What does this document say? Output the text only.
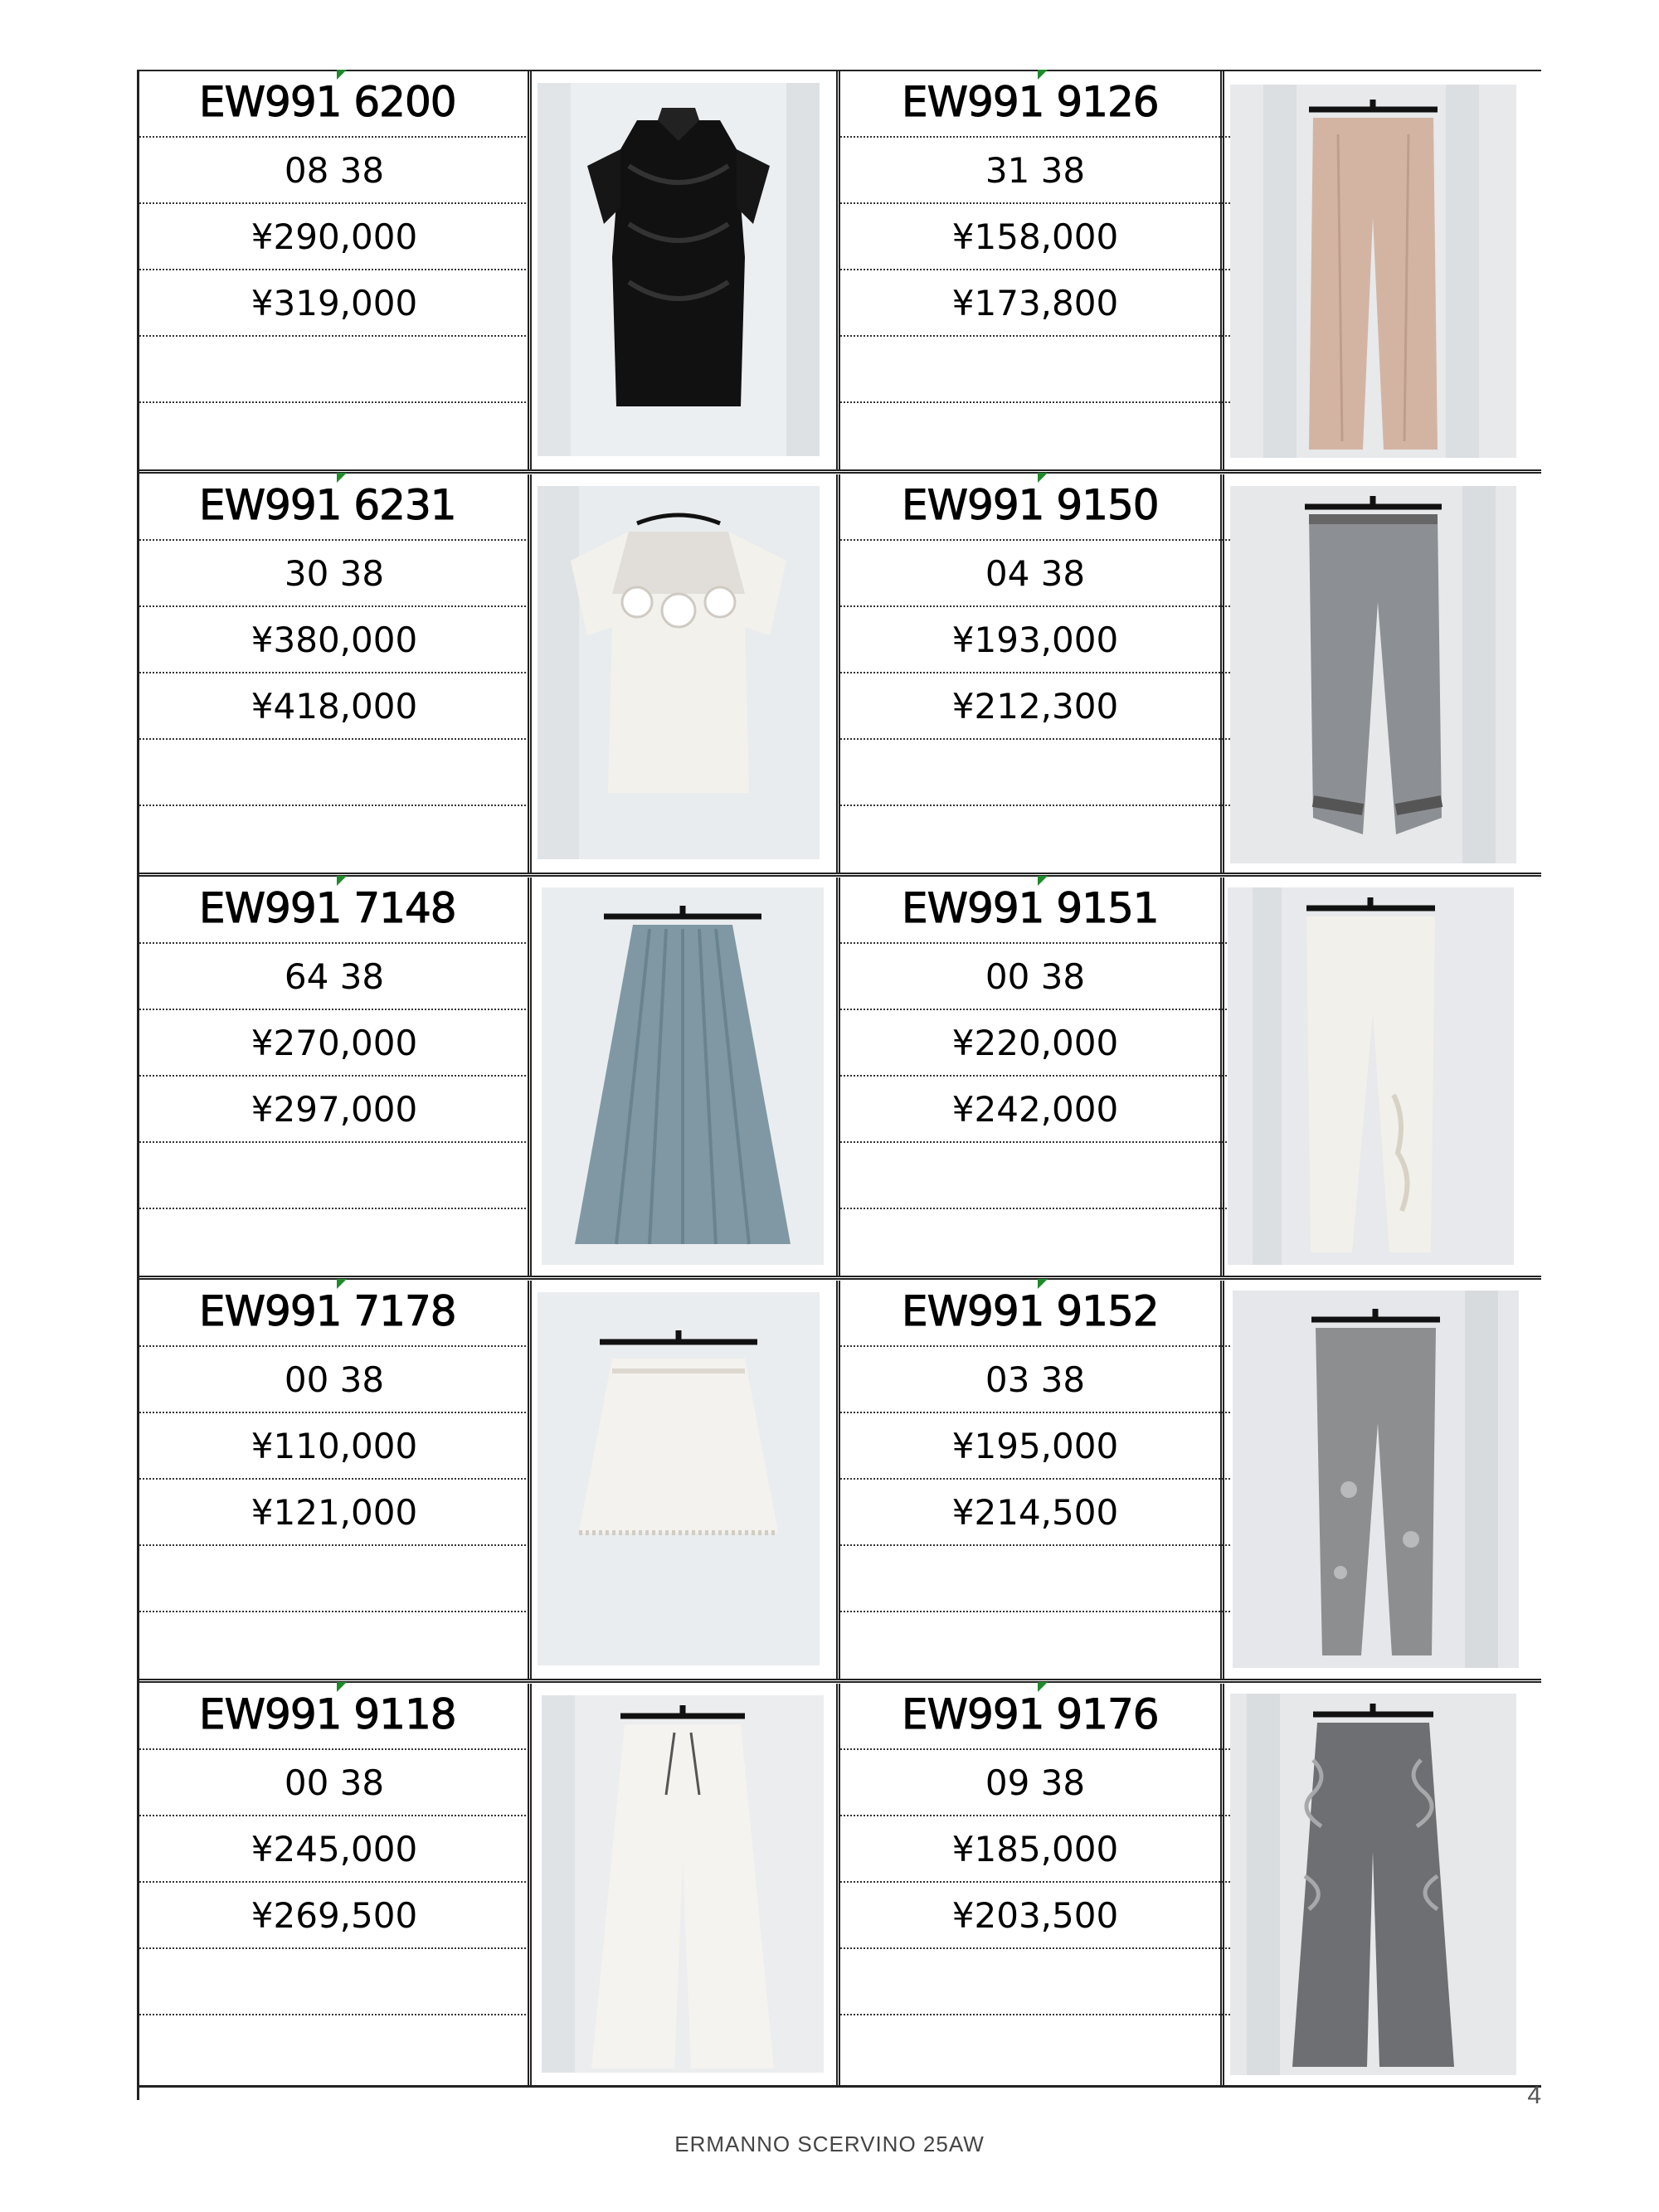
EW991 6200
08 38
¥290,000
¥319,000
EW991 9126
31 38
¥158,000
¥173,800
EW991 6231
30 38
¥380,000
¥418,000
EW991 9150
04 38
¥193,000
¥212,300
EW991 7148
64 38
¥270,000
¥297,000
EW991 9151
00 38
¥220,000
¥242,000
EW991 7178
00 38
¥110,000
¥121,000
EW991 9152
03 38
¥195,000
¥214,500
EW991 9118
00 38
¥245,000
¥269,500
EW991 9176
09 38
¥185,000
¥203,500
4
ERMANNO SCERVINO 25AW
